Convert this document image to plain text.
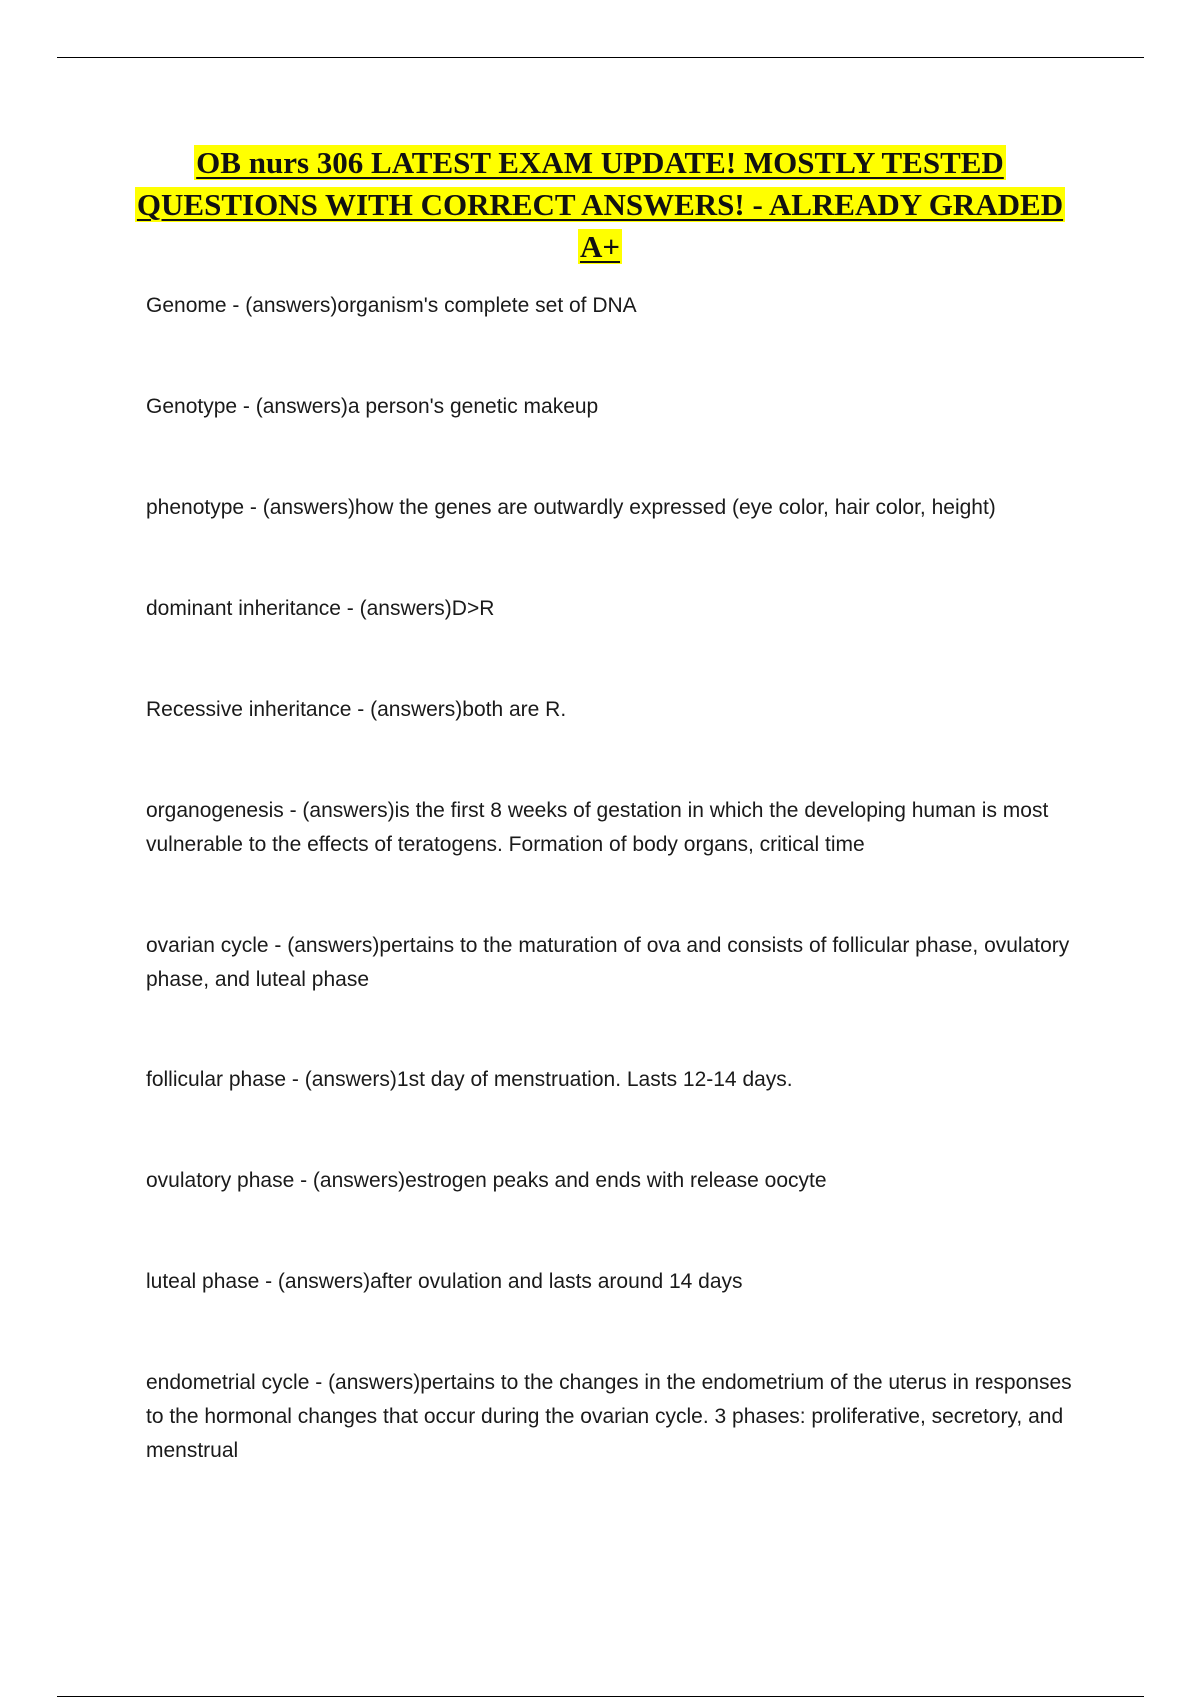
OB nurs 306 LATEST EXAM UPDATE! MOSTLY TESTED QUESTIONS WITH CORRECT ANSWERS! - ALREADY GRADED A+

Genome - (answers)organism's complete set of DNA

Genotype - (answers)a person's genetic makeup

phenotype - (answers)how the genes are outwardly expressed (eye color, hair color, height)

dominant inheritance - (answers)D>R

Recessive inheritance - (answers)both are R.

organogenesis - (answers)is the first 8 weeks of gestation in which the developing human is most vulnerable to the effects of teratogens. Formation of body organs, critical time

ovarian cycle - (answers)pertains to the maturation of ova and consists of follicular phase, ovulatory phase, and luteal phase

follicular phase - (answers)1st day of menstruation. Lasts 12-14 days.

ovulatory phase - (answers)estrogen peaks and ends with release oocyte

luteal phase - (answers)after ovulation and lasts around 14 days

endometrial cycle - (answers)pertains to the changes in the endometrium of the uterus in responses to the hormonal changes that occur during the ovarian cycle. 3 phases: proliferative, secretory, and menstrual
